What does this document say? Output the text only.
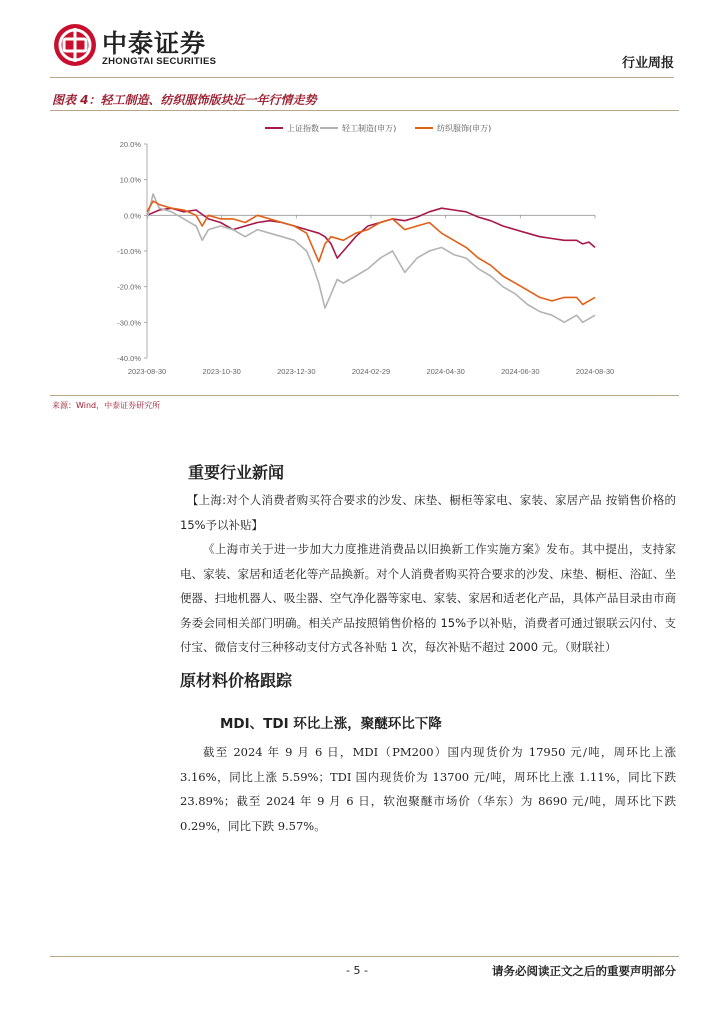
中泰证券
ZHONGTAI SECURITIES	行业周报
图表 4：轻工制造、纺织服饰版块近一年行情走势
上证指数	轻工制造(申万)	纺织服饰(申万)
20.0%
10.0%
0.0%
-10.0%
-20.0%
-30.0%
-40.0%
2023-08-30	2023-10-30	2023-12-30	2024-02-29	2024-04-30	2024-06-30	2024-08-30
来源：Wind，中泰证券研究所
重要行业新闻

【上海:对个人消费者购买符合要求的沙发、床垫、橱柜等家电、家装、家居产品 按销售价格的 15%予以补贴】

《上海市关于进一步加大力度推进消费品以旧换新工作实施方案》发布。其中提出，支持家电、家装、家居和适老化等产品换新。对个人消费者购买符合要求的沙发、床垫、橱柜、浴缸、坐便器、扫地机器人、吸尘器、空气净化器等家电、家装、家居和适老化产品，具体产品目录由市商务委会同相关部门明确。相关产品按照销售价格的 15%予以补贴，消费者可通过银联云闪付、支付宝、微信支付三种移动支付方式各补贴 1 次，每次补贴不超过 2000 元。（财联社）

原材料价格跟踪
MDI、TDI 环比上涨，聚醚环比下降

截至 2024 年 9 月 6 日，MDI（PM200）国内现货价为 17950 元/吨，周环比上涨 3.16%，同比上涨 5.59%；TDI 国内现货价为 13700 元/吨，周环比上涨 1.11%，同比下跌 23.89%；截至 2024 年 9 月 6 日，软泡聚醚市场价（华东）为 8690 元/吨，周环比下跌 0.29%，同比下跌 9.57%。

- 5 -	请务必阅读正文之后的重要声明部分
